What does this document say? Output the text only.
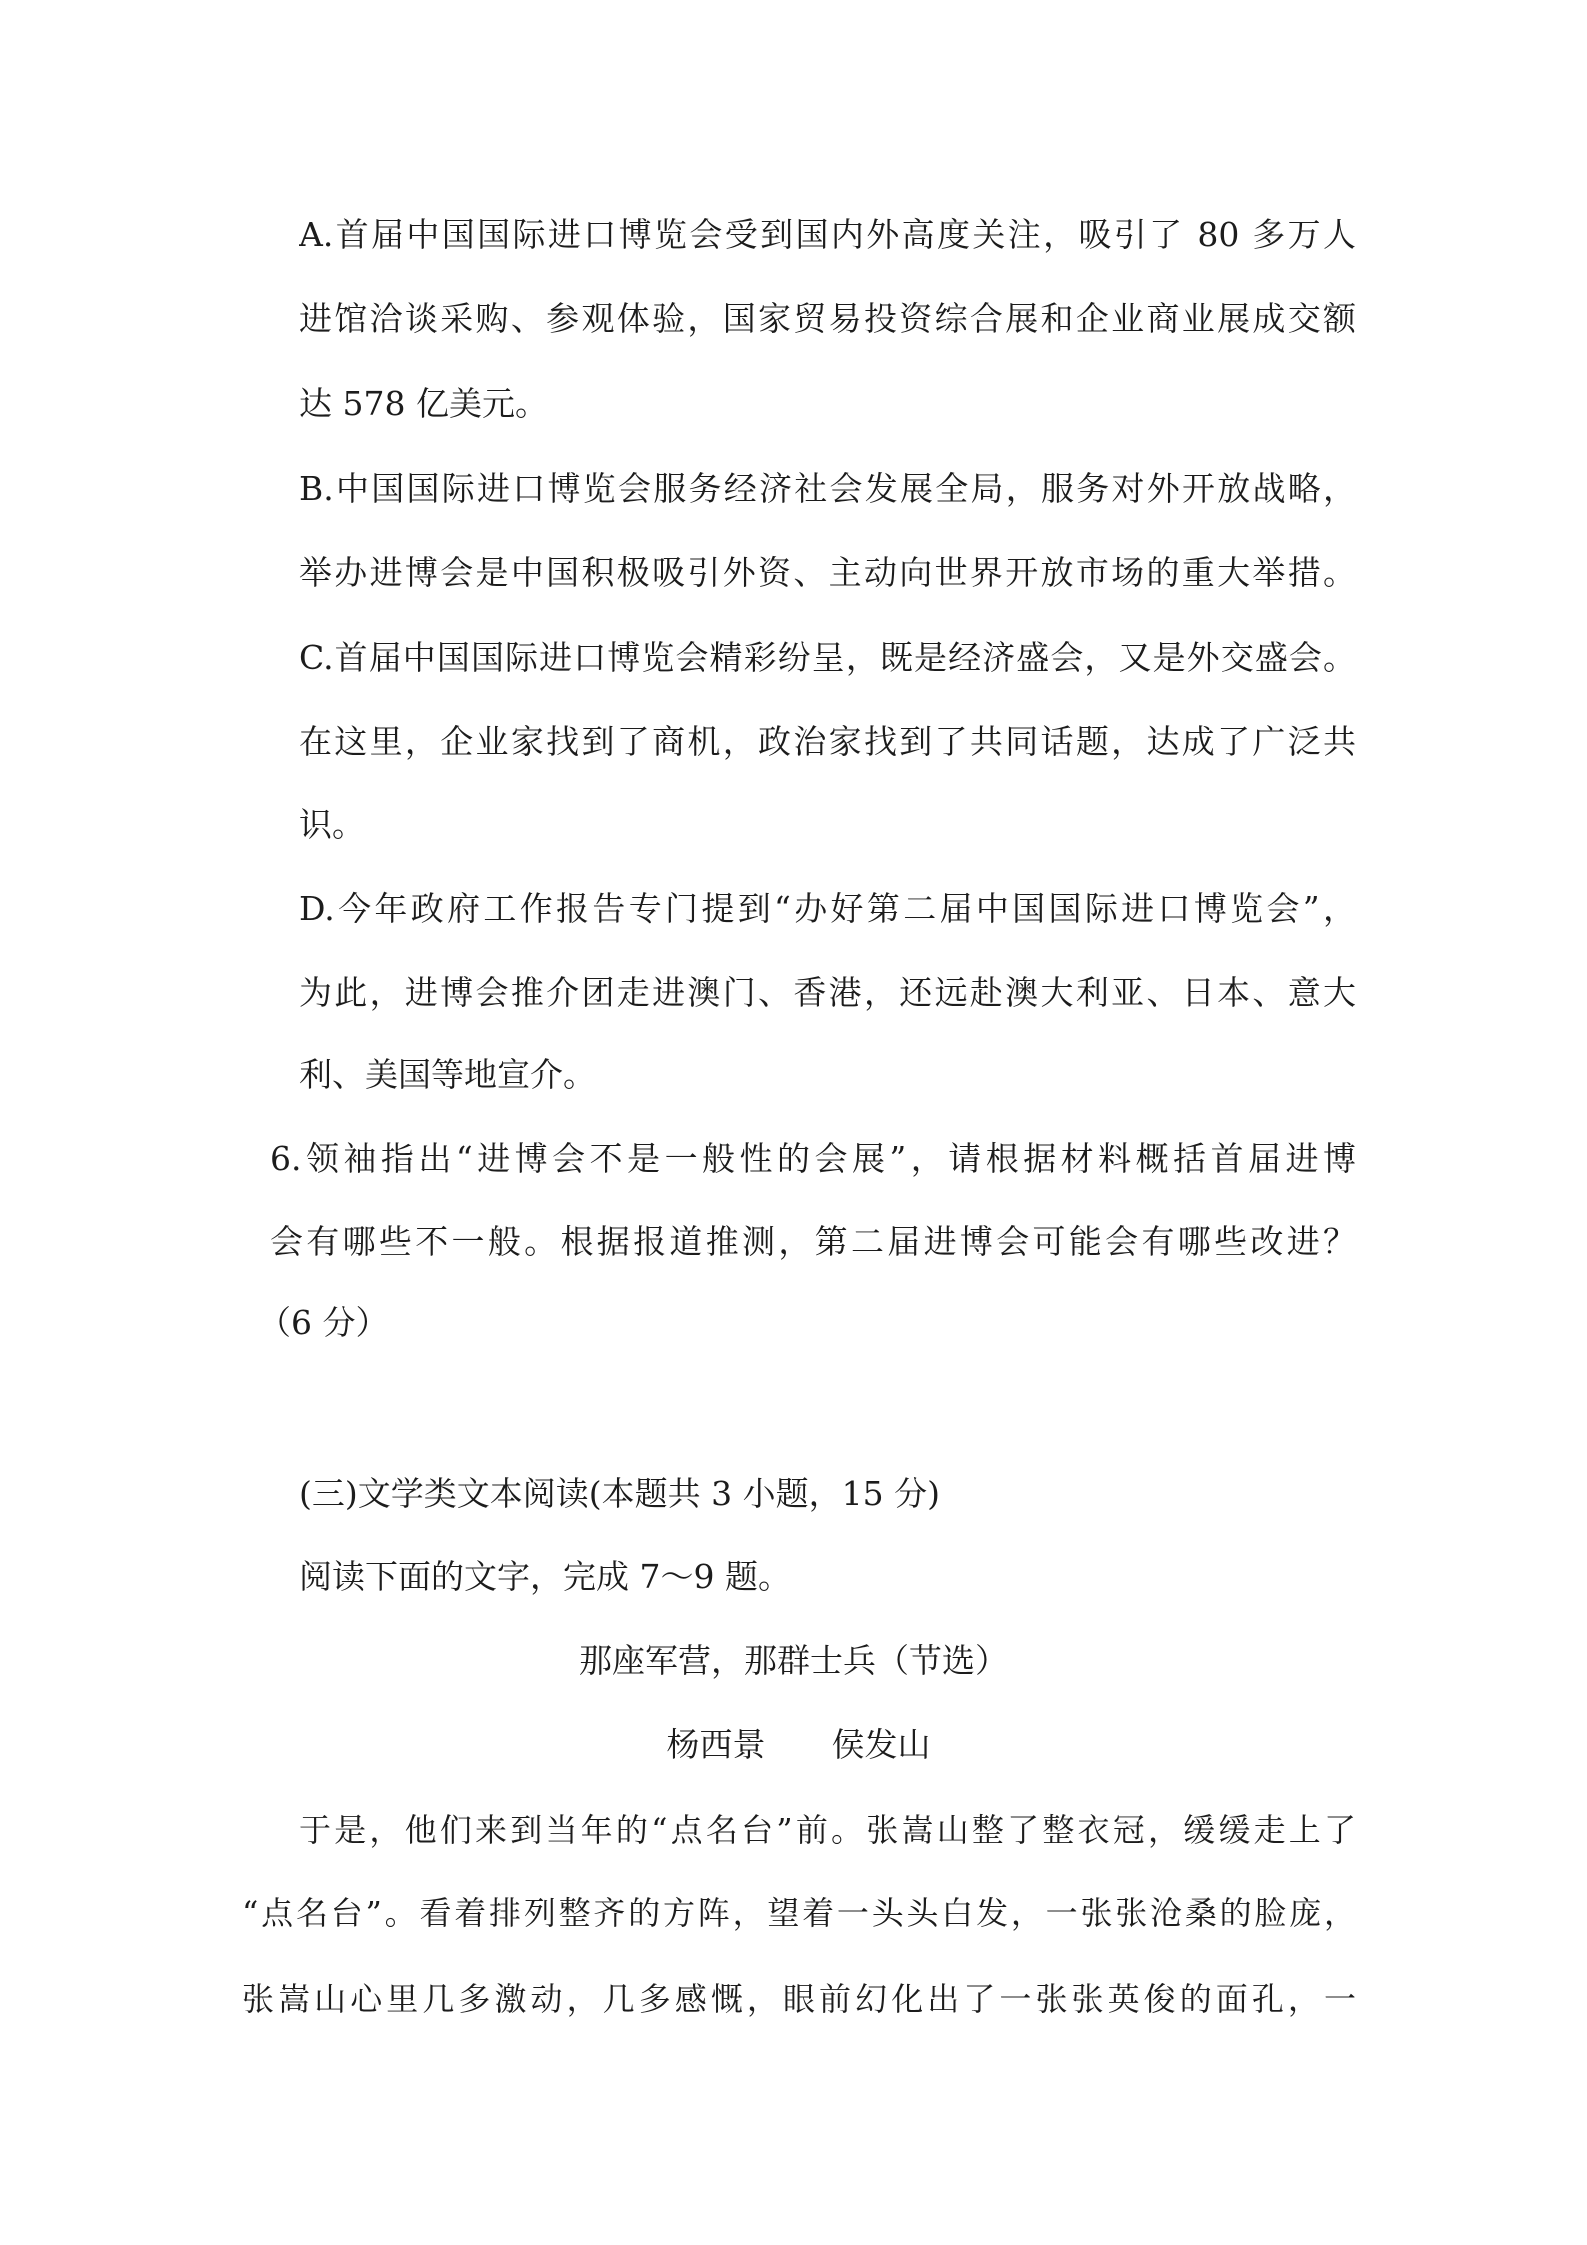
A.首届中国国际进口博览会受到国内外高度关注，吸引了 80 多万人
进馆洽谈采购、参观体验，国家贸易投资综合展和企业商业展成交额
达 578 亿美元。
B.中国国际进口博览会服务经济社会发展全局，服务对外开放战略，
举办进博会是中国积极吸引外资、主动向世界开放市场的重大举措。
C.首届中国国际进口博览会精彩纷呈，既是经济盛会，又是外交盛会。
在这里，企业家找到了商机，政治家找到了共同话题，达成了广泛共
识。
D.今年政府工作报告专门提到“办好第二届中国国际进口博览会”，
为此，进博会推介团走进澳门、香港，还远赴澳大利亚、日本、意大
利、美国等地宣介。
6.领袖指出“进博会不是一般性的会展”，请根据材料概括首届进博
会有哪些不一般。根据报道推测，第二届进博会可能会有哪些改进？
（6 分）
(三)文学类文本阅读(本题共 3 小题，15 分)
阅读下面的文字，完成 7～9 题。
那座军营，那群士兵（节选）
杨西景 侯发山
于是，他们来到当年的“点名台”前。张嵩山整了整衣冠，缓缓走上了
“点名台”。看着排列整齐的方阵，望着一头头白发，一张张沧桑的脸庞，
张嵩山心里几多激动，几多感慨，眼前幻化出了一张张英俊的面孔，一
